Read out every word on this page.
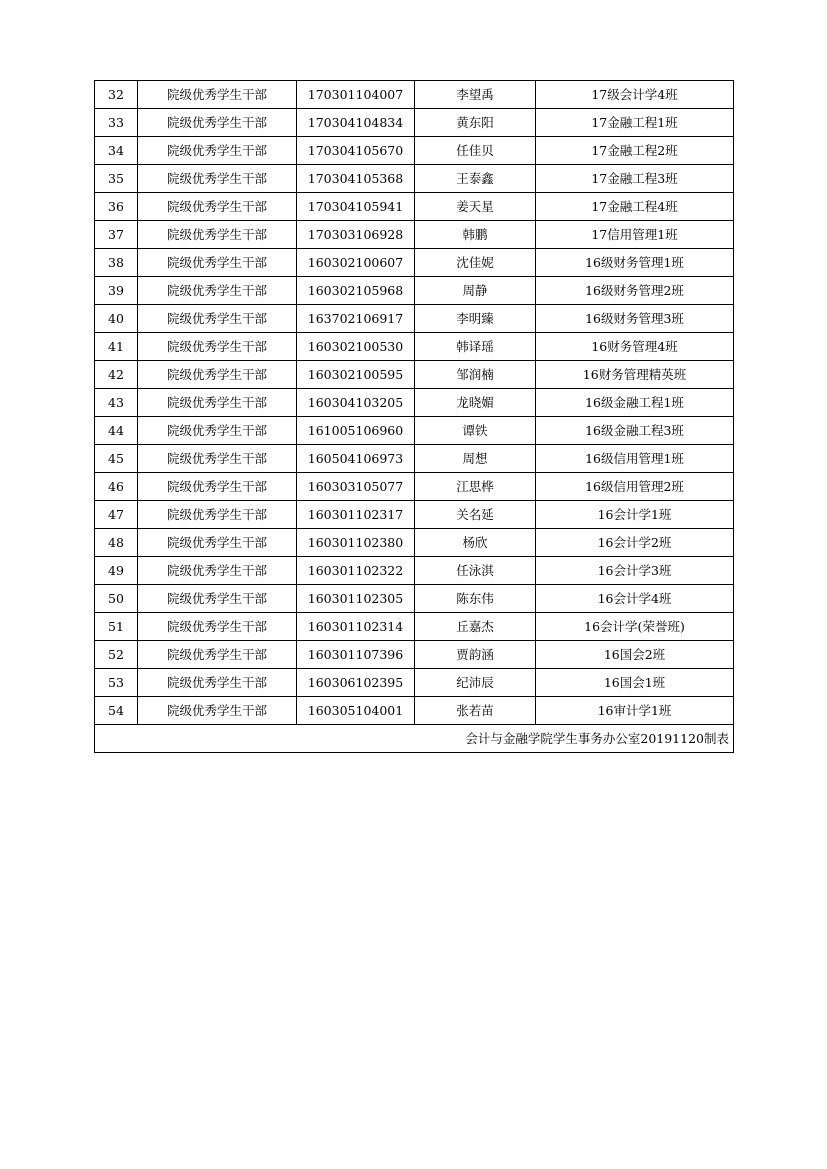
32	院级优秀学生干部	170301104007	李望禹	17级会计学4班
33	院级优秀学生干部	170304104834	黄东阳	17金融工程1班
34	院级优秀学生干部	170304105670	任佳贝	17金融工程2班
35	院级优秀学生干部	170304105368	王泰鑫	17金融工程3班
36	院级优秀学生干部	170304105941	姜天星	17金融工程4班
37	院级优秀学生干部	170303106928	韩鹏	17信用管理1班
38	院级优秀学生干部	160302100607	沈佳妮	16级财务管理1班
39	院级优秀学生干部	160302105968	周静	16级财务管理2班
40	院级优秀学生干部	163702106917	李明臻	16级财务管理3班
41	院级优秀学生干部	160302100530	韩译瑶	16财务管理4班
42	院级优秀学生干部	160302100595	邹润楠	16财务管理精英班
43	院级优秀学生干部	160304103205	龙晓媚	16级金融工程1班
44	院级优秀学生干部	161005106960	谭铁	16级金融工程3班
45	院级优秀学生干部	160504106973	周想	16级信用管理1班
46	院级优秀学生干部	160303105077	江思桦	16级信用管理2班
47	院级优秀学生干部	160301102317	关名延	16会计学1班
48	院级优秀学生干部	160301102380	杨欣	16会计学2班
49	院级优秀学生干部	160301102322	任泳淇	16会计学3班
50	院级优秀学生干部	160301102305	陈东伟	16会计学4班
51	院级优秀学生干部	160301102314	丘嘉杰	16会计学(荣誉班)
52	院级优秀学生干部	160301107396	贾韵涵	16国会2班
53	院级优秀学生干部	160306102395	纪沛辰	16国会1班
54	院级优秀学生干部	160305104001	张若苗	16审计学1班
会计与金融学院学生事务办公室20191120制表				
